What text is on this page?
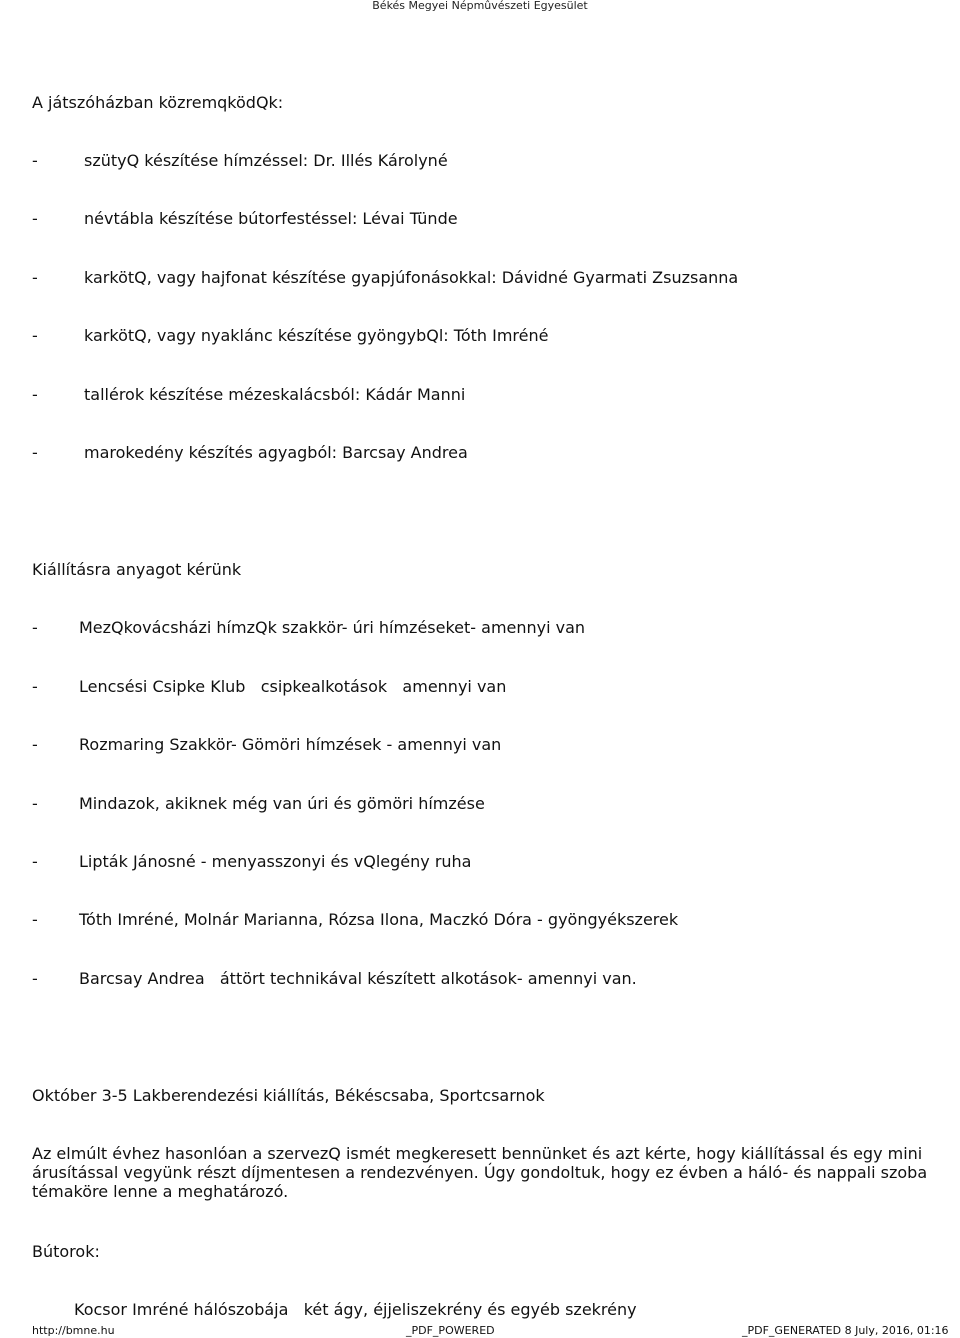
Békés Megyei Népmûvészeti Egyesület
A játszóházban közremqködQk:
-	szütyQ készítése hímzéssel: Dr. Illés Károlyné
-	névtábla készítése bútorfestéssel: Lévai Tünde
-	karkötQ, vagy hajfonat készítése gyapjúfonásokkal: Dávidné Gyarmati Zsuzsanna
-	karkötQ, vagy nyaklánc készítése gyöngybQl: Tóth Imréné
-	tallérok készítése mézeskalácsból: Kádár Manni
-	marokedény készítés agyagból: Barcsay Andrea
Kiállításra anyagot kérünk
-	MezQkovácsházi hímzQk szakkör- úri hímzéseket- amennyi van
-	Lencsési Csipke Klub   csipkealkotások   amennyi van
-	Rozmaring Szakkör- Gömöri hímzések - amennyi van
-	Mindazok, akiknek még van úri és gömöri hímzése
-	Lipták Jánosné - menyasszonyi és vQlegény ruha
-	Tóth Imréné, Molnár Marianna, Rózsa Ilona, Maczkó Dóra - gyöngyékszerek
-	Barcsay Andrea   áttört technikával készített alkotások- amennyi van.
Október 3-5 Lakberendezési kiállítás, Békéscsaba, Sportcsarnok
Az elmúlt évhez hasonlóan a szervezQ ismét megkeresett bennünket és azt kérte, hogy kiállítással és egy mini árusítással vegyünk részt díjmentesen a rendezvényen. Úgy gondoltuk, hogy ez évben a háló- és nappali szoba témaköre lenne a meghatározó.
Bútorok:
Kocsor Imréné hálószobája   két ágy, éjjeliszekrény és egyéb szekrény
http://bmne.hu	_PDF_POWERED	_PDF_GENERATED 8 July, 2016, 01:16
